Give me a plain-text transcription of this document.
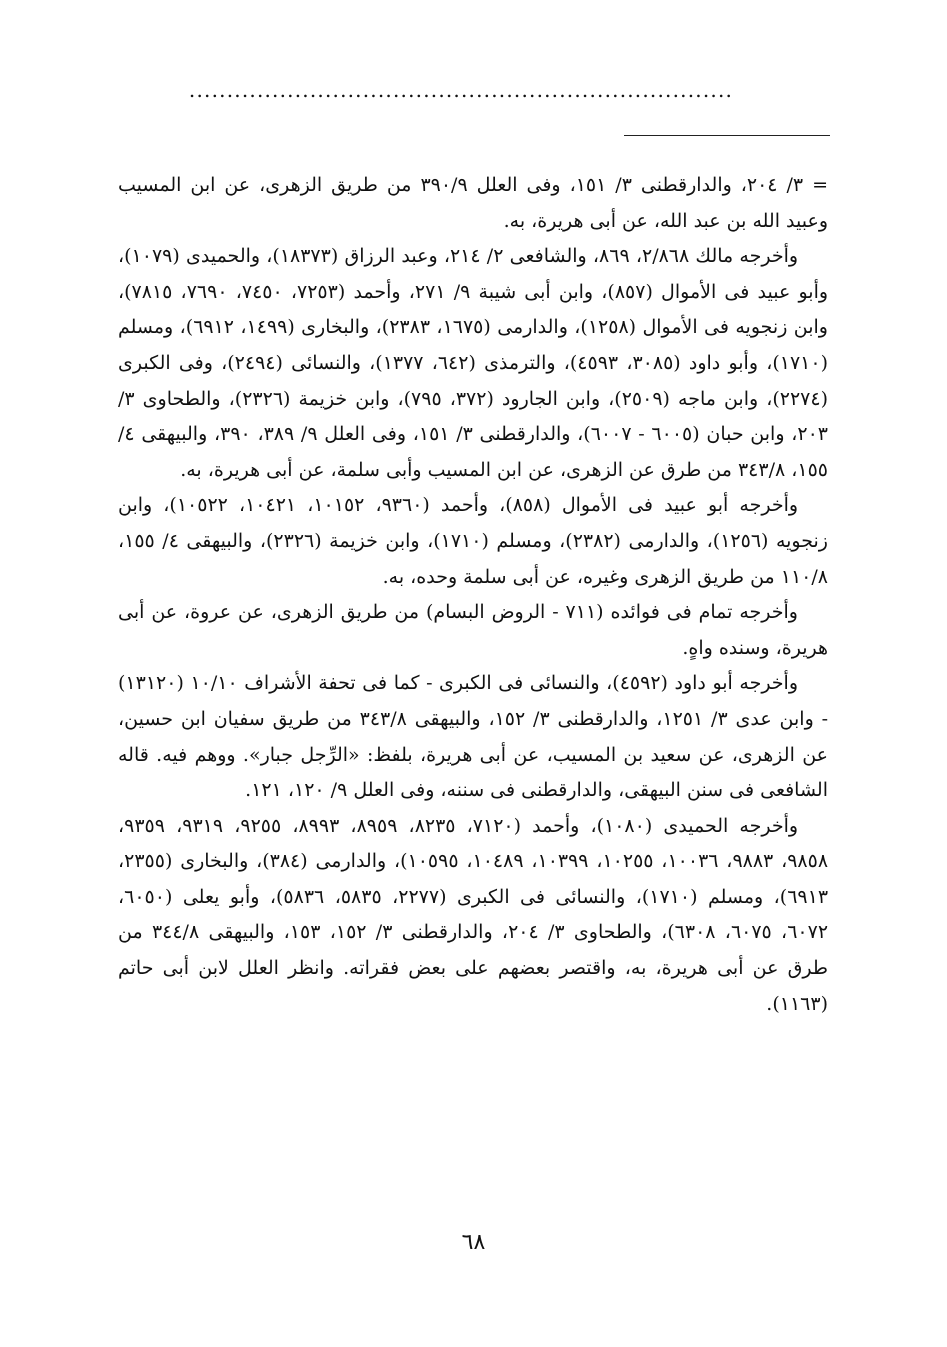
........................................................................

= ٣/ ٢٠٤، والدارقطنى ٣/ ١٥١، وفى العلل ٣٩٠/٩ من طريق الزهرى، عن ابن المسيب وعبيد الله بن عبد الله، عن أبى هريرة، به.

وأخرجه مالك ٢/٨٦٨، ٨٦٩، والشافعى ٢/ ٢١٤، وعبد الرزاق (١٨٣٧٣)، والحميدى (١٠٧٩)، وأبو عبيد فى الأموال (٨٥٧)، وابن أبى شيبة ٩/ ٢٧١، وأحمد (٧٢٥٣، ٧٤٥٠، ٧٦٩٠، ٧٨١٥)، وابن زنجويه فى الأموال (١٢٥٨)، والدارمى (١٦٧٥، ٢٣٨٣)، والبخارى (١٤٩٩، ٦٩١٢)، ومسلم (١٧١٠)، وأبو داود (٣٠٨٥، ٤٥٩٣)، والترمذى (٦٤٢، ١٣٧٧)، والنسائى (٢٤٩٤)، وفى الكبرى (٢٢٧٤)، وابن ماجه (٢٥٠٩)، وابن الجارود (٣٧٢، ٧٩٥)، وابن خزيمة (٢٣٢٦)، والطحاوى ٣/ ٢٠٣، وابن حبان (٦٠٠٥ - ٦٠٠٧)، والدارقطنى ٣/ ١٥١، وفى العلل ٩/ ٣٨٩، ٣٩٠، والبيهقى ٤/ ١٥٥، ٣٤٣/٨ من طرق عن الزهرى، عن ابن المسيب وأبى سلمة، عن أبى هريرة، به.

وأخرجه أبو عبيد فى الأموال (٨٥٨)، وأحمد (٩٣٦٠، ١٠١٥٢، ١٠٤٢١، ١٠٥٢٢)، وابن زنجويه (١٢٥٦)، والدارمى (٢٣٨٢)، ومسلم (١٧١٠)، وابن خزيمة (٢٣٢٦)، والبيهقى ٤/ ١٥٥، ١١٠/٨ من طريق الزهرى وغيره، عن أبى سلمة وحده، به.

وأخرجه تمام فى فوائده (٧١١ - الروض البسام) من طريق الزهرى، عن عروة، عن أبى هريرة، وسنده واهٍ.

وأخرجه أبو داود (٤٥٩٢)، والنسائى فى الكبرى - كما فى تحفة الأشراف ١٠/١٠ (١٣١٢٠) - وابن عدى ٣/ ١٢٥١، والدارقطنى ٣/ ١٥٢، والبيهقى ٣٤٣/٨ من طريق سفيان ابن حسين، عن الزهرى، عن سعيد بن المسيب، عن أبى هريرة، بلفظ: «الرِّجل جبار». ووهم فيه. قاله الشافعى فى سنن البيهقى، والدارقطنى فى سننه، وفى العلل ٩/ ١٢٠، ١٢١.

وأخرجه الحميدى (١٠٨٠)، وأحمد (٧١٢٠، ٨٢٣٥، ٨٩٥٩، ٨٩٩٣، ٩٢٥٥، ٩٣١٩، ٩٣٥٩، ٩٨٥٨، ٩٨٨٣، ١٠٠٣٦، ١٠٢٥٥، ١٠٣٩٩، ١٠٤٨٩، ١٠٥٩٥)، والدارمى (٣٨٤)، والبخارى (٢٣٥٥، ٦٩١٣)، ومسلم (١٧١٠)، والنسائى فى الكبرى (٢٢٧٧، ٥٨٣٥، ٥٨٣٦)، وأبو يعلى (٦٠٥٠، ٦٠٧٢، ٦٠٧٥، ٦٣٠٨)، والطحاوى ٣/ ٢٠٤، والدارقطنى ٣/ ١٥٢، ١٥٣، والبيهقى ٣٤٤/٨ من طرق عن أبى هريرة، به، واقتصر بعضهم على بعض فقراته. وانظر العلل لابن أبى حاتم (١١٦٣).

٦٨
